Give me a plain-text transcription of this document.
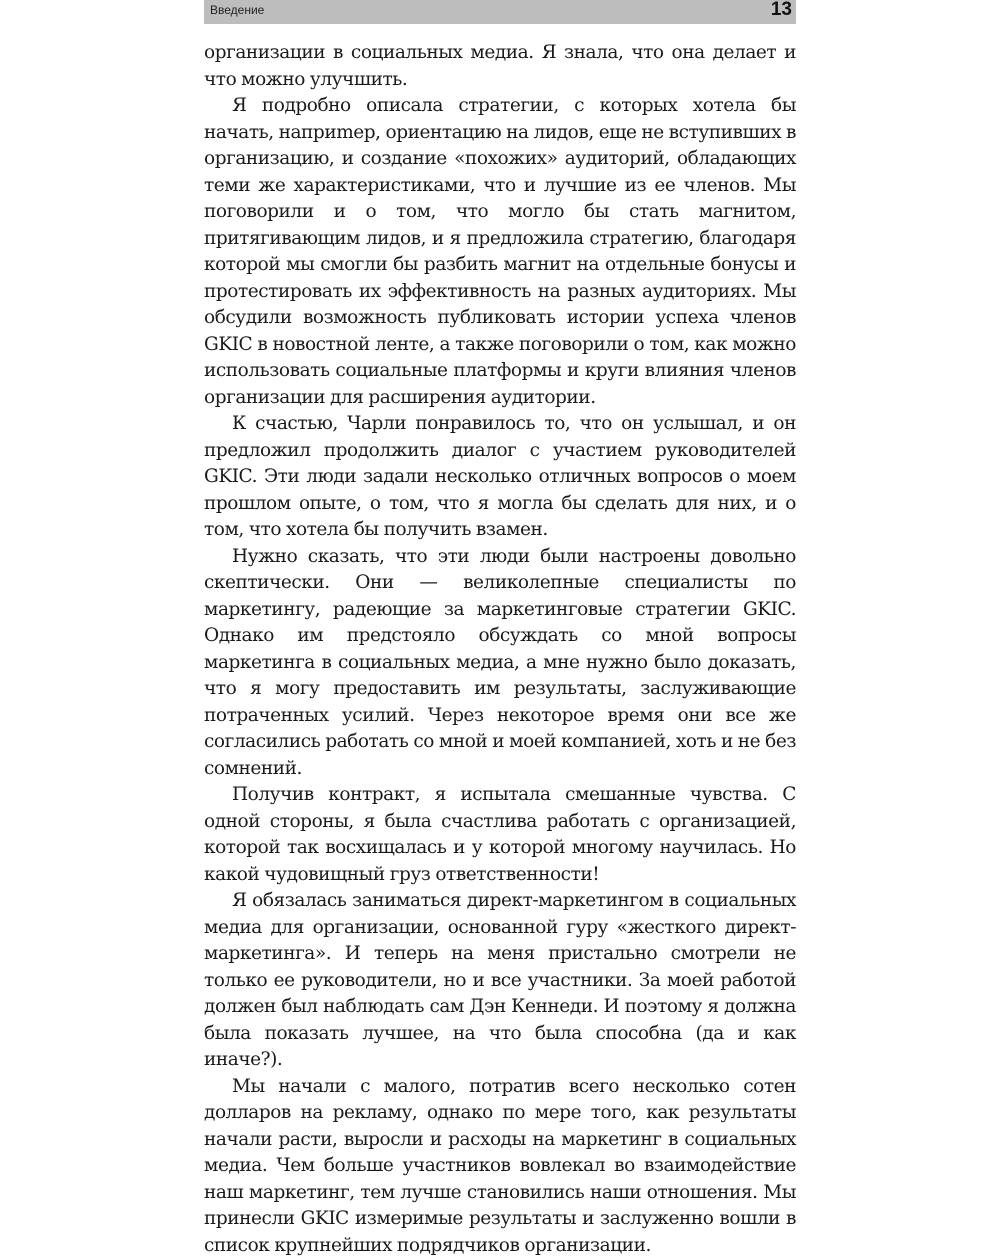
Введение	13

организации в социальных медиа. Я знала, что она делает и что можно улучшить.

Я подробно описала стратегии, с которых хотела бы начать, наприmер, ориентацию на лидов, еще не вступивших в организацию, и создание «похожих» аудиторий, обладающих теми же характеристиками, что и лучшие из ее членов. Мы поговорили и о том, что могло бы стать магнитом, притягивающим лидов, и я предложила стратегию, благодаря которой мы смогли бы разбить магнит на отдельные бонусы и протестировать их эффективность на разных аудиториях. Мы обсудили возможность публиковать истории успеха членов GKIC в новостной ленте, а также поговорили о том, как можно использовать социальные платформы и круги влияния членов организации для расширения аудитории.

К счастью, Чарли понравилось то, что он услышал, и он предложил продолжить диалог с участием руководителей GKIC. Эти люди задали несколько отличных вопросов о моем прошлом опыте, о том, что я могла бы сделать для них, и о том, что хотела бы получить взамен.

Нужно сказать, что эти люди были настроены довольно скептически. Они — великолепные специалисты по маркетингу, радеющие за маркетинговые стратегии GKIC. Однако им предстояло обсуждать со мной вопросы маркетинга в социальных медиа, а мне нужно было доказать, что я могу предоставить им результаты, заслуживающие потраченных усилий. Через некоторое время они все же согласились работать со мной и моей компанией, хоть и не без сомнений.

Получив контракт, я испытала смешанные чувства. С одной стороны, я была счастлива работать с организацией, которой так восхищалась и у которой многому научилась. Но какой чудовищный груз ответственности!

Я обязалась заниматься директ-маркетингом в социальных медиа для организации, основанной гуру «жесткого директ-маркетинга». И теперь на меня пристально смотрели не только ее руководители, но и все участники. За моей работой должен был наблюдать сам Дэн Кеннеди. И поэтому я должна была показать лучшее, на что была способна (да и как иначе?).

Мы начали с малого, потратив всего несколько сотен долларов на рекламу, однако по мере того, как результаты начали расти, выросли и расходы на маркетинг в социальных медиа. Чем больше участников вовлекал во взаимодействие наш маркетинг, тем лучше становились наши отношения. Мы принесли GKIC измеримые результаты и заслуженно вошли в список крупнейших подрядчиков организации.
